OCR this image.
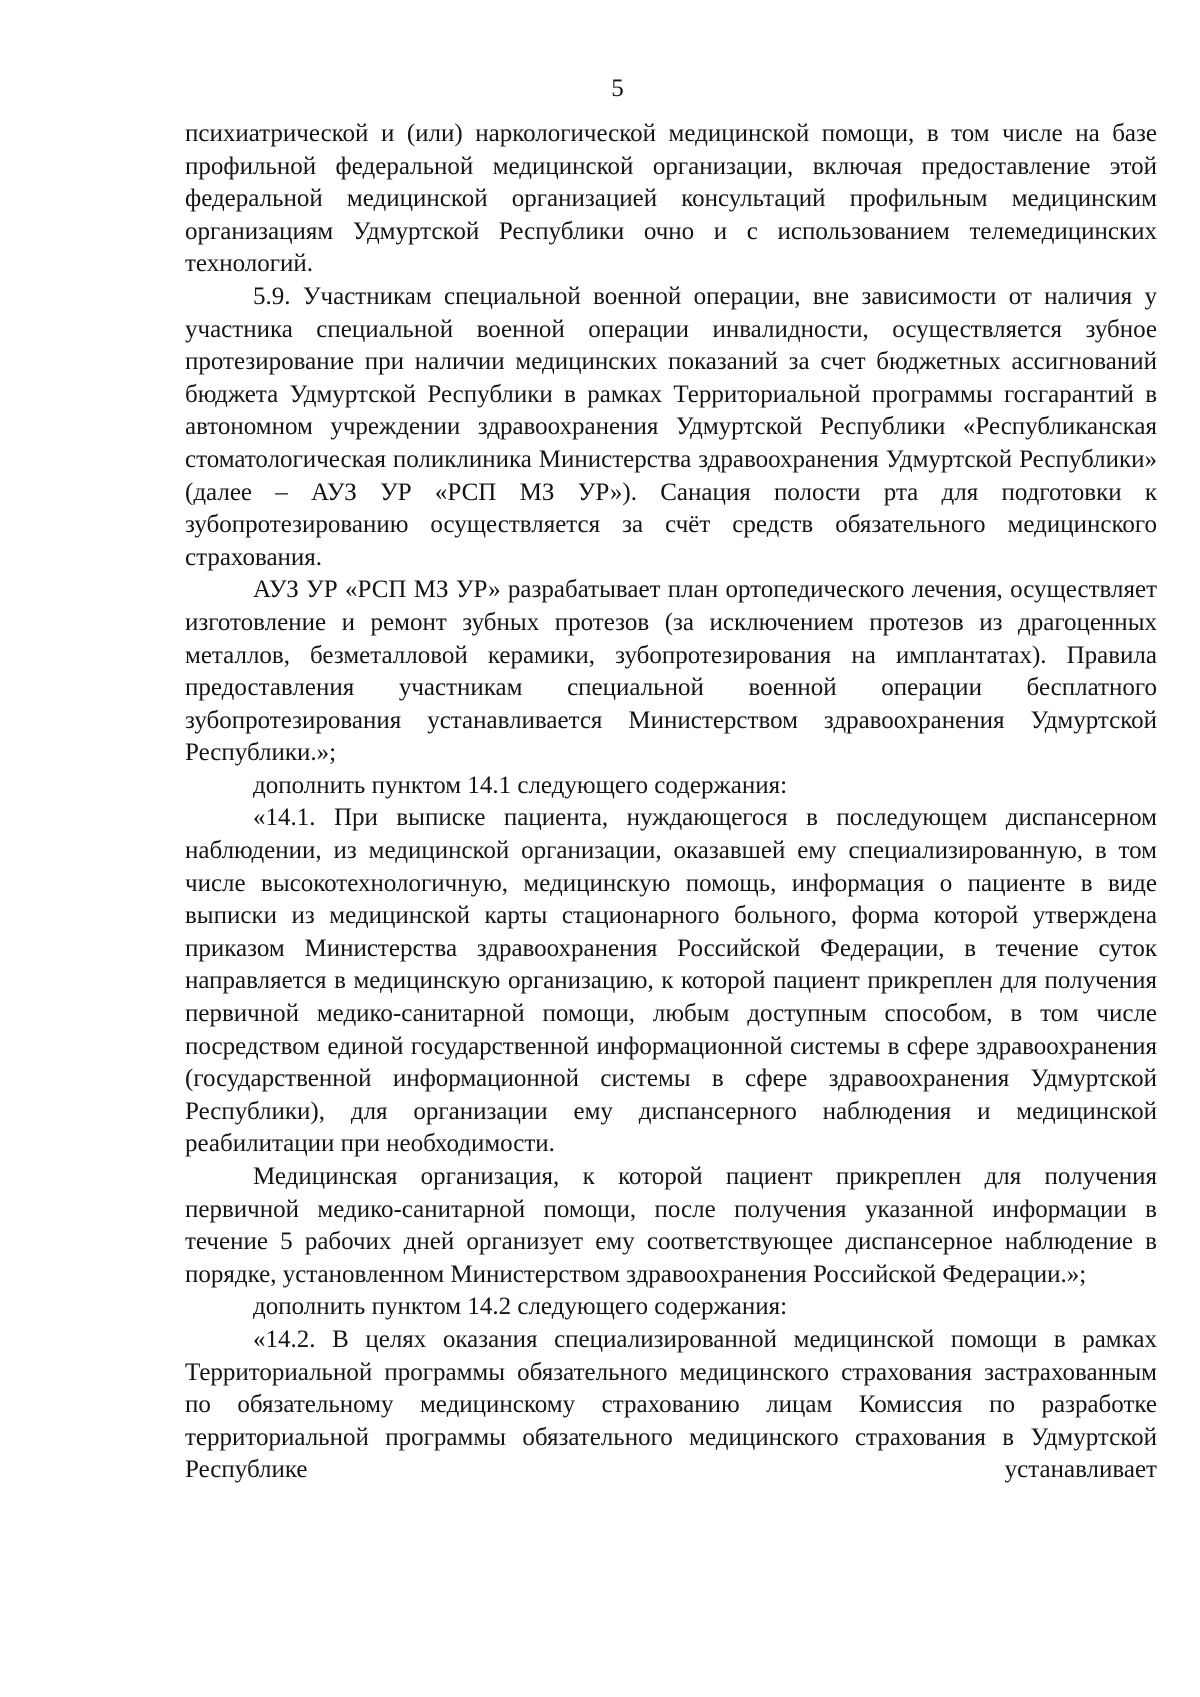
5

психиатрической и (или) наркологической медицинской помощи, в том числе на базе профильной федеральной медицинской организации, включая предоставление этой федеральной медицинской организацией консультаций профильным медицинским организациям Удмуртской Республики очно и с использованием телемедицинских технологий.

5.9. Участникам специальной военной операции, вне зависимости от наличия у участника специальной военной операции инвалидности, осуществляется зубное протезирование при наличии медицинских показаний за счет бюджетных ассигнований бюджета Удмуртской Республики в рамках Территориальной программы госгарантий в автономном учреждении здравоохранения Удмуртской Республики «Республиканская стоматологическая поликлиника Министерства здравоохранения Удмуртской Республики» (далее – АУЗ УР «РСП МЗ УР»). Санация полости рта для подготовки к зубопротезированию осуществляется за счёт средств обязательного медицинского страхования.

АУЗ УР «РСП МЗ УР» разрабатывает план ортопедического лечения, осуществляет изготовление и ремонт зубных протезов (за исключением протезов из драгоценных металлов, безметалловой керамики, зубопротезирования на имплантатах). Правила предоставления участникам специальной военной операции бесплатного зубопротезирования устанавливается Министерством здравоохранения Удмуртской Республики.»;

дополнить пунктом 14.1 следующего содержания:

«14.1. При выписке пациента, нуждающегося в последующем диспансерном наблюдении, из медицинской организации, оказавшей ему специализированную, в том числе высокотехнологичную, медицинскую помощь, информация о пациенте в виде выписки из медицинской карты стационарного больного, форма которой утверждена приказом Министерства здравоохранения Российской Федерации, в течение суток направляется в медицинскую организацию, к которой пациент прикреплен для получения первичной медико-санитарной помощи, любым доступным способом, в том числе посредством единой государственной информационной системы в сфере здравоохранения (государственной информационной системы в сфере здравоохранения Удмуртской Республики), для организации ему диспансерного наблюдения и медицинской реабилитации при необходимости.

Медицинская организация, к которой пациент прикреплен для получения первичной медико-санитарной помощи, после получения указанной информации в течение 5 рабочих дней организует ему соответствующее диспансерное наблюдение в порядке, установленном Министерством здравоохранения Российской Федерации.»;

дополнить пунктом 14.2 следующего содержания:

«14.2. В целях оказания специализированной медицинской помощи в рамках Территориальной программы обязательного медицинского страхования застрахованным по обязательному медицинскому страхованию лицам Комиссия по разработке территориальной программы обязательного медицинского страхования в Удмуртской Республике устанавливает
